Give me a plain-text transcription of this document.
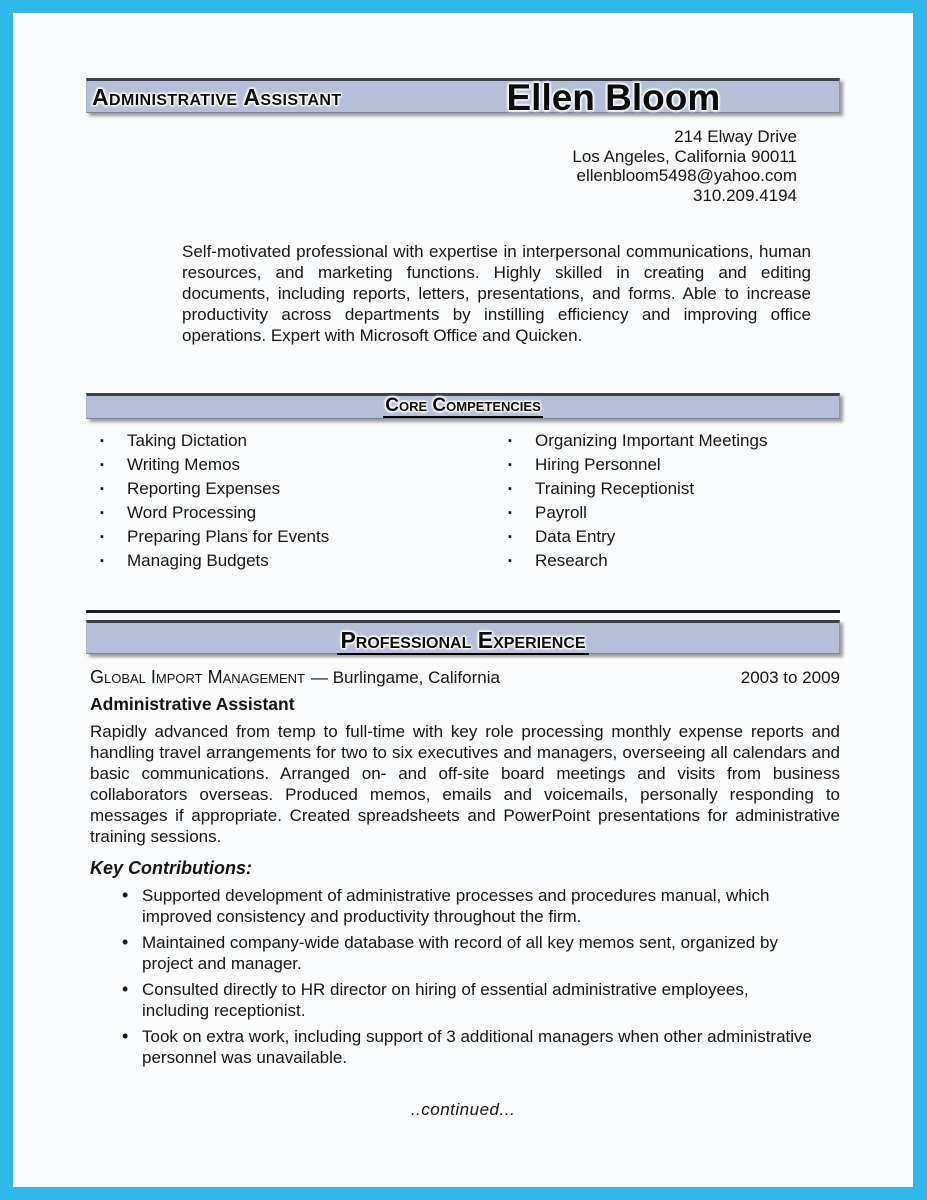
Administrative Assistant	Ellen Bloom
214 Elway Drive
Los Angeles, California 90011
ellenbloom5498@yahoo.com
310.209.4194

Self-motivated professional with expertise in interpersonal communications, human resources, and marketing functions. Highly skilled in creating and editing documents, including reports, letters, presentations, and forms. Able to increase productivity across departments by instilling efficiency and improving office operations. Expert with Microsoft Office and Quicken.

Core Competencies
▪ Taking Dictation
▪ Writing Memos
▪ Reporting Expenses
▪ Word Processing
▪ Preparing Plans for Events
▪ Managing Budgets
▪ Organizing Important Meetings
▪ Hiring Personnel
▪ Training Receptionist
▪ Payroll
▪ Data Entry
▪ Research
Professional Experience
Global Import Management — Burlingame, California	2003 to 2009
Administrative Assistant

Rapidly advanced from temp to full-time with key role processing monthly expense reports and handling travel arrangements for two to six executives and managers, overseeing all calendars and basic communications. Arranged on- and off-site board meetings and visits from business collaborators overseas. Produced memos, emails and voicemails, personally responding to messages if appropriate. Created spreadsheets and PowerPoint presentations for administrative training sessions.

Key Contributions:
• Supported development of administrative processes and procedures manual, which improved consistency and productivity throughout the firm.
• Maintained company-wide database with record of all key memos sent, organized by project and manager.
• Consulted directly to HR director on hiring of essential administrative employees, including receptionist.
• Took on extra work, including support of 3 additional managers when other administrative personnel was unavailable.
..continued...
